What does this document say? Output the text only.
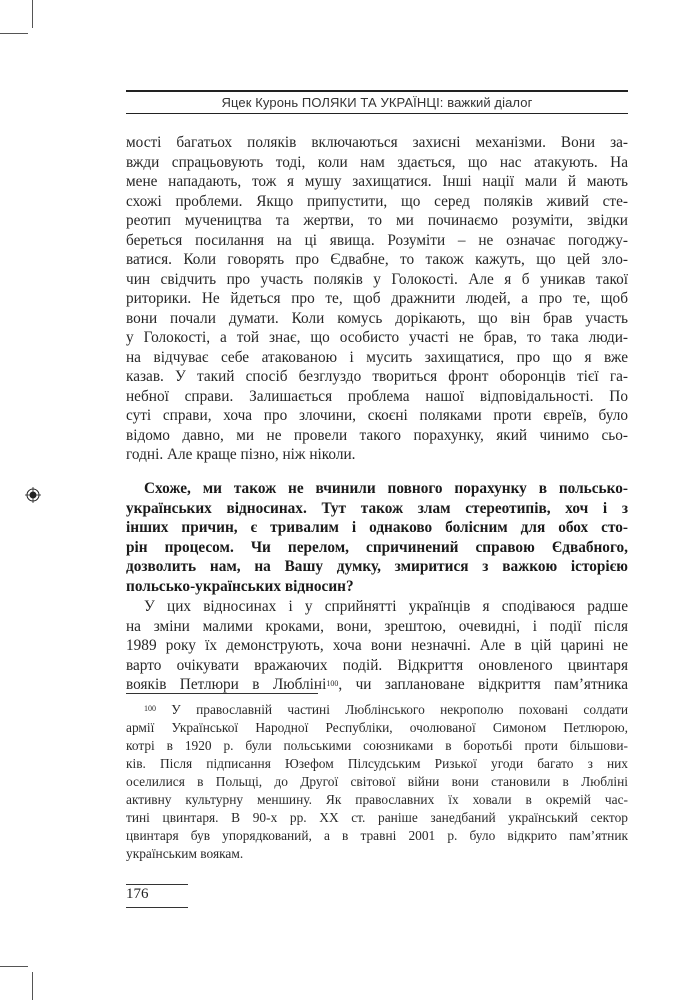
Яцек Куронь ПОЛЯКИ ТА УКРАЇНЦІ: важкий діалог
мості багатьох поляків включаються захисні механізми. Вони за-
вжди спрацьовують тоді, коли нам здається, що нас атакують. На
мене нападають, тож я мушу захищатися. Інші нації мали й мають
схожі проблеми. Якщо припустити, що серед поляків живий сте-
реотип мучеництва та жертви, то ми починаємо розуміти, звідки
береться посилання на ці явища. Розуміти – не означає погоджу-
ватися. Коли говорять про Єдвабне, то також кажуть, що цей зло-
чин свідчить про участь поляків у Голокості. Але я б уникав такої
риторики. Не йдеться про те, щоб дражнити людей, а про те, щоб
вони почали думати. Коли комусь дорікають, що він брав участь
у Голокості, а той знає, що особисто участі не брав, то така люди-
на відчуває себе атакованою і мусить захищатися, про що я вже
казав. У такий спосіб безглуздо твориться фронт оборонців тієї га-
небної справи. Залишається проблема нашої відповідальності. По
суті справи, хоча про злочини, скоєні поляками проти євреїв, було
відомо давно, ми не провели такого порахунку, який чинимо сьо-
годні. Але краще пізно, ніж ніколи.
Схоже, ми також не вчинили повного порахунку в польсько-
українських відносинах. Тут також злам стереотипів, хоч і з
інших причин, є тривалим і однаково болісним для обох сто-
рін процесом. Чи перелом, спричинений справою Єдвабного,
дозволить нам, на Вашу думку, змиритися з важкою історією
польсько-українських відносин?
У цих відносинах і у сприйнятті українців я сподіваюся радше
на зміни малими кроками, вони, зрештою, очевидні, і події після
1989 року їх демонструють, хоча вони незначні. Але в цій царині не
варто очікувати вражаючих подій. Відкриття оновленого цвинтаря
вояків Петлюри в Любліні$^{100}$, чи заплановане відкриття пам’ятника
$^{100}$ У православній частині Люблінського некрополю поховані солдати
армії Української Народної Республіки, очолюваної Симоном Петлюрою,
котрі в 1920 р. були польськими союзниками в боротьбі проти більшови-
ків. Після підписання Юзефом Пілсудським Ризької угоди багато з них
оселилися в Польщі, до Другої світової війни вони становили в Любліні
активну культурну меншину. Як православних їх ховали в окремій час-
тині цвинтаря. В 90-х рр. XX ст. раніше занедбаний український сектор
цвинтаря був упорядкований, а в травні 2001 р. було відкрито пам’ятник
українським воякам.
176
